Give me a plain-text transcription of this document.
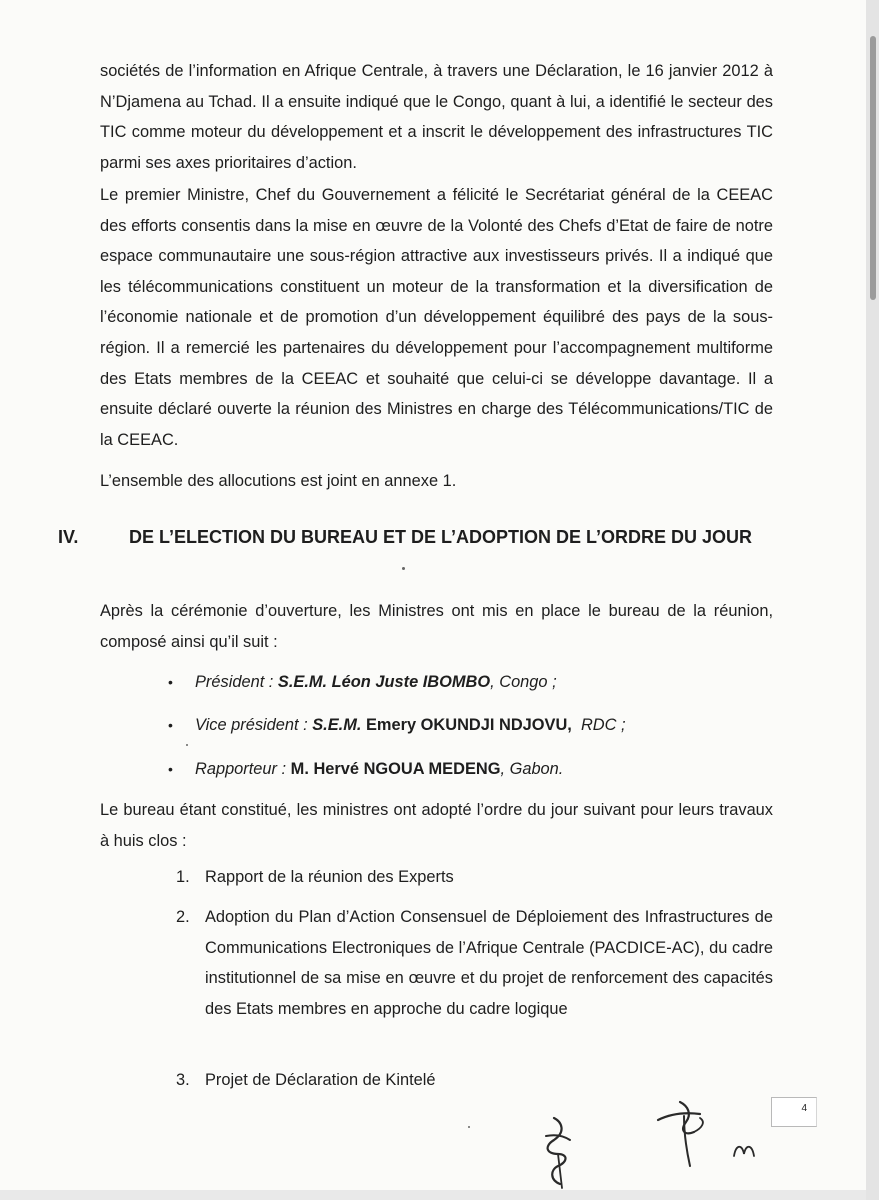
sociétés de l’information en Afrique Centrale, à travers une Déclaration, le 16 janvier 2012 à N’Djamena au Tchad. Il a ensuite indiqué que le Congo, quant à lui, a identifié le secteur des TIC comme moteur du développement et a inscrit le développement des infrastructures TIC parmi ses axes prioritaires d’action.

Le premier Ministre, Chef du Gouvernement a félicité le Secrétariat général de la CEEAC des efforts consentis dans la mise en œuvre de la Volonté des Chefs d’Etat de faire de notre espace communautaire une sous-région attractive aux investisseurs privés. Il a indiqué que les télécommunications constituent un moteur de la transformation et la diversification de l’économie nationale et de promotion d’un développement équilibré des pays de la sous-région. Il a remercié les partenaires du développement pour l’accompagnement multiforme des Etats membres de la CEEAC et souhaité que celui-ci se développe davantage. Il a ensuite déclaré ouverte la réunion des Ministres en charge des Télécommunications/TIC de la CEEAC.

L’ensemble des allocutions est joint en annexe 1.

IV.	DE L’ELECTION DU BUREAU ET DE L’ADOPTION DE L’ORDRE DU JOUR

Après la cérémonie d’ouverture, les Ministres ont mis en place le bureau de la réunion, composé ainsi qu’il suit :

• Président : S.E.M. Léon Juste IBOMBO, Congo ;
• Vice président : S.E.M. Emery OKUNDJI NDJOVU, RDC ;
• Rapporteur : M. Hervé NGOUA MEDENG, Gabon.

Le bureau étant constitué, les ministres ont adopté l’ordre du jour suivant pour leurs travaux à huis clos :

1. Rapport de la réunion des Experts
2. Adoption du Plan d’Action Consensuel de Déploiement des Infrastructures de Communications Electroniques de l’Afrique Centrale (PACDICE-AC), du cadre institutionnel de sa mise en œuvre et du projet de renforcement des capacités des Etats membres en approche du cadre logique
3. Projet de Déclaration de Kintelé
4
